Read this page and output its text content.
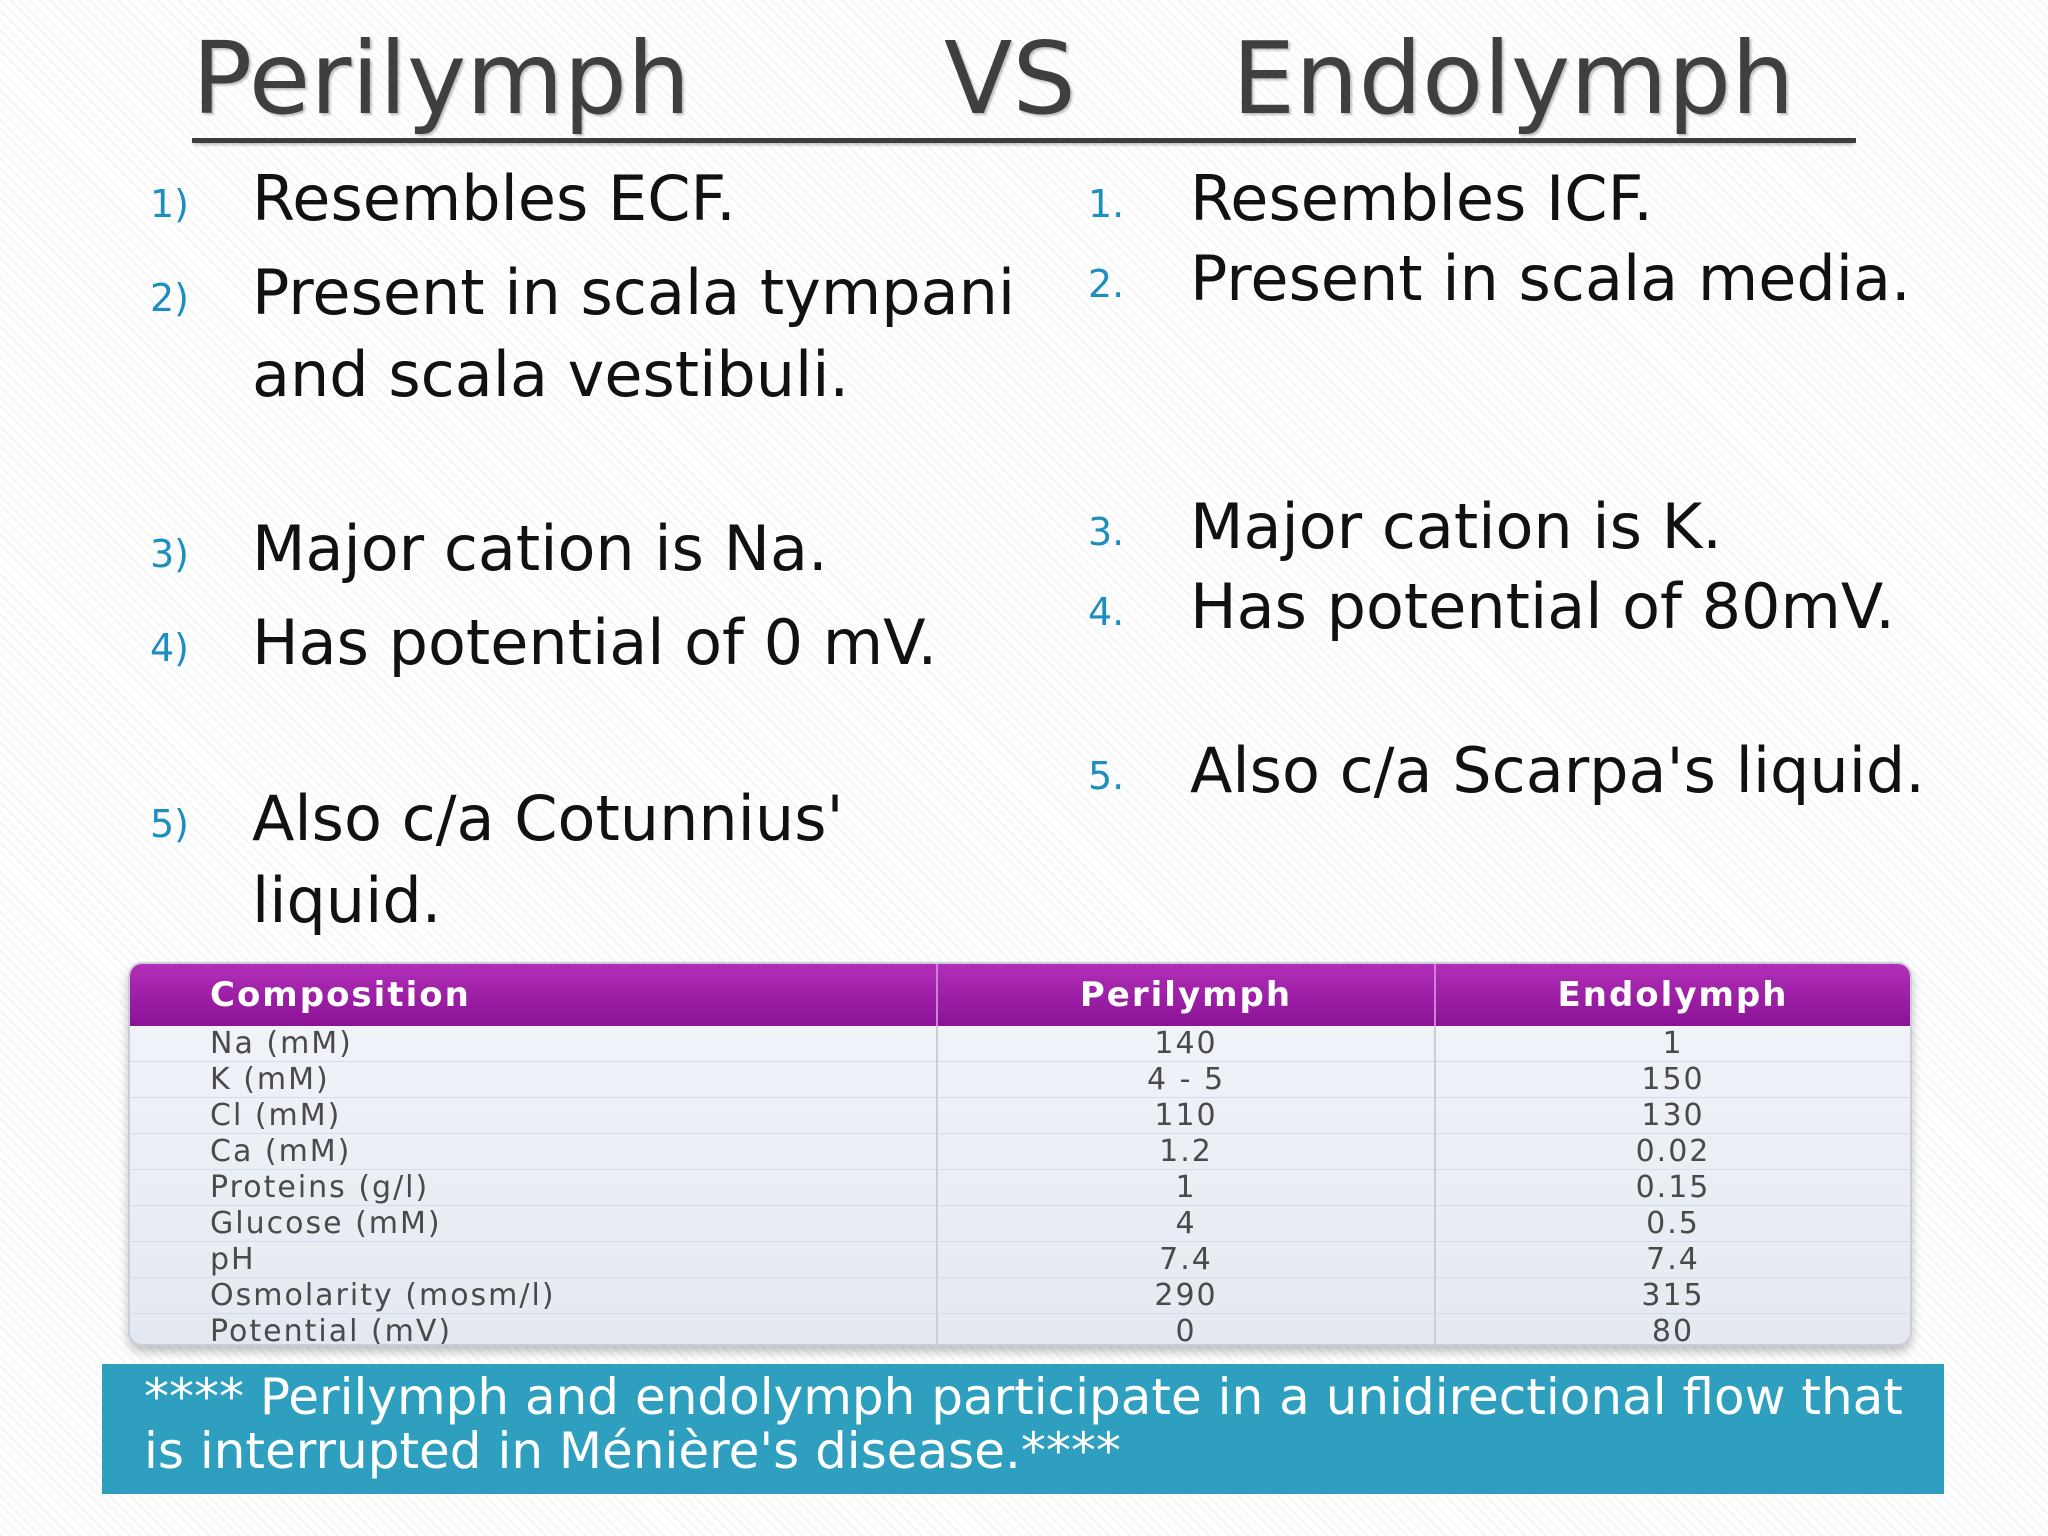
Perilymph	VS Endolymph
1) Resembles ECF.
2) Present in scala tympani and scala vestibuli.
3) Major cation is Na.
4) Has potential of 0 mV.
5) Also c/a Cotunnius' liquid.
1. Resembles ICF.
2. Present in scala media.
3. Major cation is K.
4. Has potential of 80mV.
5. Also c/a Scarpa's liquid.
Composition	Perilymph	Endolymph
Na (mM)	140	1
K (mM)	4 - 5	150
Cl (mM)	110	130
Ca (mM)	1.2	0.02
Proteins (g/l)	1	0.15
Glucose (mM)	4	0.5
pH	7.4	7.4
Osmolarity (mosm/l)	290	315
Potential (mV)	0	80
**** Perilymph and endolymph participate in a unidirectional flow that is interrupted in Ménière's disease.****
